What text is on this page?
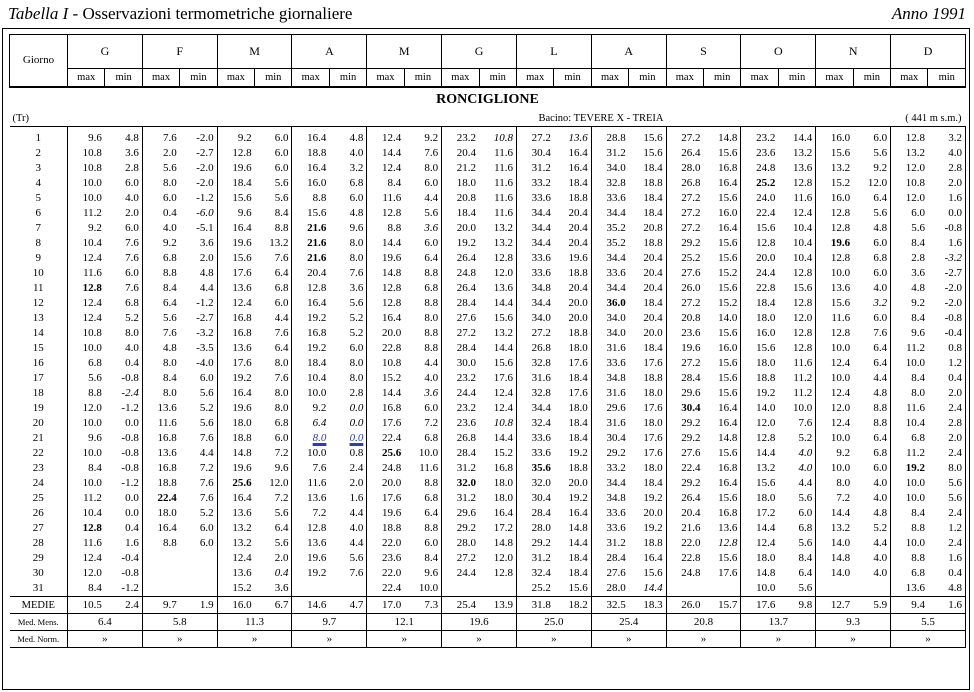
Tabella I - Osservazioni termometriche giornaliere	Anno 1991
Giorno	G		F		M		A		M		G		L		A		S		O		N		D	
	max	min	max	min	max	min	max	min	max	min	max	min	max	min	max	min	max	min	max	min	max	min	max	min
RONCIGLIONE																								
(Tr)	Bacino: TEVERE X - TREIA																	( 441 m s.m.)						
1	9.6	4.8	7.6	-2.0	9.2	6.0	16.4	4.8	12.4	9.2	23.2	10.8	27.2	13.6	28.8	15.6	27.2	14.8	23.2	14.4	16.0	6.0	12.8	3.2
2	10.8	3.6	2.0	-2.7	12.8	6.0	18.8	4.0	14.4	7.6	20.4	11.6	30.4	16.4	31.2	15.6	26.4	15.6	23.6	13.2	15.6	5.6	13.2	4.0
3	10.8	2.8	5.6	-2.0	19.6	6.0	16.4	3.2	12.4	8.0	21.2	11.6	31.2	16.4	34.0	18.4	28.0	16.8	24.8	13.6	13.2	9.2	12.0	2.8
4	10.0	6.0	8.0	-2.0	18.4	5.6	16.0	6.8	8.4	6.0	18.0	11.6	33.2	18.4	32.8	18.8	26.8	16.4	25.2	12.8	15.2	12.0	10.8	2.0
5	10.0	4.0	6.0	-1.2	15.6	5.6	8.8	6.0	11.6	4.4	20.8	11.6	33.6	18.8	33.6	18.4	27.2	15.6	24.0	11.6	16.0	6.4	12.0	1.6
6	11.2	2.0	0.4	-6.0	9.6	8.4	15.6	4.8	12.8	5.6	18.4	11.6	34.4	20.4	34.4	18.4	27.2	16.0	22.4	12.4	12.8	5.6	6.0	0.0
7	9.2	6.0	4.0	-5.1	16.4	8.8	21.6	9.6	8.8	3.6	20.0	13.2	34.4	20.4	35.2	20.8	27.2	16.4	15.6	10.4	12.8	4.8	5.6	-0.8
8	10.4	7.6	9.2	3.6	19.6	13.2	21.6	8.0	14.4	6.0	19.2	13.2	34.4	20.4	35.2	18.8	29.2	15.6	12.8	10.4	19.6	6.0	8.4	1.6
9	12.4	7.6	6.8	2.0	15.6	7.6	21.6	8.0	19.6	6.4	26.4	12.8	33.6	19.6	34.4	20.4	25.2	15.6	20.0	10.4	12.8	6.8	2.8	-3.2
10	11.6	6.0	8.8	4.8	17.6	6.4	20.4	7.6	14.8	8.8	24.8	12.0	33.6	18.8	33.6	20.4	27.6	15.2	24.4	12.8	10.0	6.0	3.6	-2.7
11	12.8	7.6	8.4	4.4	13.6	6.8	12.8	3.6	12.8	6.8	26.4	13.6	34.8	20.4	34.4	20.4	26.0	15.6	22.8	15.6	13.6	4.0	4.8	-2.0
12	12.4	6.8	6.4	-1.2	12.4	6.0	16.4	5.6	12.8	8.8	28.4	14.4	34.4	20.0	36.0	18.4	27.2	15.2	18.4	12.8	15.6	3.2	9.2	-2.0
13	12.4	5.2	5.6	-2.7	16.8	4.4	19.2	5.2	16.4	8.0	27.6	15.6	34.0	20.0	34.0	20.4	20.8	14.0	18.0	12.0	11.6	6.0	8.4	-0.8
14	10.8	8.0	7.6	-3.2	16.8	7.6	16.8	5.2	20.0	8.8	27.2	13.2	27.2	18.8	34.0	20.0	23.6	15.6	16.0	12.8	12.8	7.6	9.6	-0.4
15	10.0	4.0	4.8	-3.5	13.6	6.4	19.2	6.0	22.8	8.8	28.4	14.4	26.8	18.0	31.6	18.4	19.6	16.0	15.6	12.8	10.0	6.4	11.2	0.8
16	6.8	0.4	8.0	-4.0	17.6	8.0	18.4	8.0	10.8	4.4	30.0	15.6	32.8	17.6	33.6	17.6	27.2	15.6	18.0	11.6	12.4	6.4	10.0	1.2
17	5.6	-0.8	8.4	6.0	19.2	7.6	10.4	8.0	15.2	4.0	23.2	17.6	31.6	18.4	34.8	18.8	28.4	15.6	18.8	11.2	10.0	4.4	8.4	0.4
18	8.8	-2.4	8.0	5.6	16.4	8.0	10.0	2.8	14.4	3.6	24.4	12.4	32.8	17.6	31.6	18.0	29.6	15.6	19.2	11.2	12.4	4.8	8.0	2.0
19	12.0	-1.2	13.6	5.2	19.6	8.0	9.2	0.0	16.8	6.0	23.2	12.4	34.4	18.0	29.6	17.6	30.4	16.4	14.0	10.0	12.0	8.8	11.6	2.4
20	10.0	0.0	11.6	5.6	18.0	6.8	6.4	0.0	17.6	7.2	23.6	10.8	32.4	18.4	31.6	18.0	29.2	16.4	12.0	7.6	12.4	8.8	10.4	2.8
21	9.6	-0.8	16.8	7.6	18.8	6.0	8.0	0.0	22.4	6.8	26.8	14.4	33.6	18.4	30.4	17.6	29.2	14.8	12.8	5.2	10.0	6.4	6.8	2.0
22	10.0	-0.8	13.6	4.4	14.8	7.2	10.0	0.8	25.6	10.0	28.4	15.2	33.6	19.2	29.2	17.6	27.6	15.6	14.4	4.0	9.2	6.8	11.2	2.4
23	8.4	-0.8	16.8	7.2	19.6	9.6	7.6	2.4	24.8	11.6	31.2	16.8	35.6	18.8	33.2	18.0	22.4	16.8	13.2	4.0	10.0	6.0	19.2	8.0
24	10.0	-1.2	18.8	7.6	25.6	12.0	11.6	2.0	20.0	8.8	32.0	18.0	32.0	20.0	34.4	18.4	29.2	16.4	15.6	4.4	8.0	4.0	10.0	5.6
25	11.2	0.0	22.4	7.6	16.4	7.2	13.6	1.6	17.6	6.8	31.2	18.0	30.4	19.2	34.8	19.2	26.4	15.6	18.0	5.6	7.2	4.0	10.0	5.6
26	10.4	0.0	18.0	5.2	13.6	5.6	7.2	4.4	19.6	6.4	29.6	16.4	28.4	16.4	33.6	20.0	20.4	16.8	17.2	6.0	14.4	4.8	8.4	2.4
27	12.8	0.4	16.4	6.0	13.2	6.4	12.8	4.0	18.8	8.8	29.2	17.2	28.0	14.8	33.6	19.2	21.6	13.6	14.4	6.8	13.2	5.2	8.8	1.2
28	11.6	1.6	8.8	6.0	13.2	5.6	13.6	4.4	22.0	6.0	28.0	14.8	29.2	14.4	31.2	18.8	22.0	12.8	12.4	5.6	14.0	4.4	10.0	2.4
29	12.4	-0.4			12.4	2.0	19.6	5.6	23.6	8.4	27.2	12.0	31.2	18.4	28.4	16.4	22.8	15.6	18.0	8.4	14.8	4.0	8.8	1.6
30	12.0	-0.8			13.6	0.4	19.2	7.6	22.0	9.6	24.4	12.8	32.4	18.4	27.6	15.6	24.8	17.6	14.8	6.4	14.0	4.0	6.8	0.4
31	8.4	-1.2			15.2	3.6			22.4	10.0			25.2	15.6	28.0	14.4			10.0	5.6			13.6	4.8
MEDIE	10.5	2.4	9.7	1.9	16.0	6.7	14.6	4.7	17.0	7.3	25.4	13.9	31.8	18.2	32.5	18.3	26.0	15.7	17.6	9.8	12.7	5.9	9.4	1.6
Med. Mens.	6.4		5.8		11.3		9.7		12.1		19.6		25.0		25.4		20.8		13.7		9.3		5.5	
Med. Norm.	»		»		»		»		»		»		»		»		»		»		»		»	
